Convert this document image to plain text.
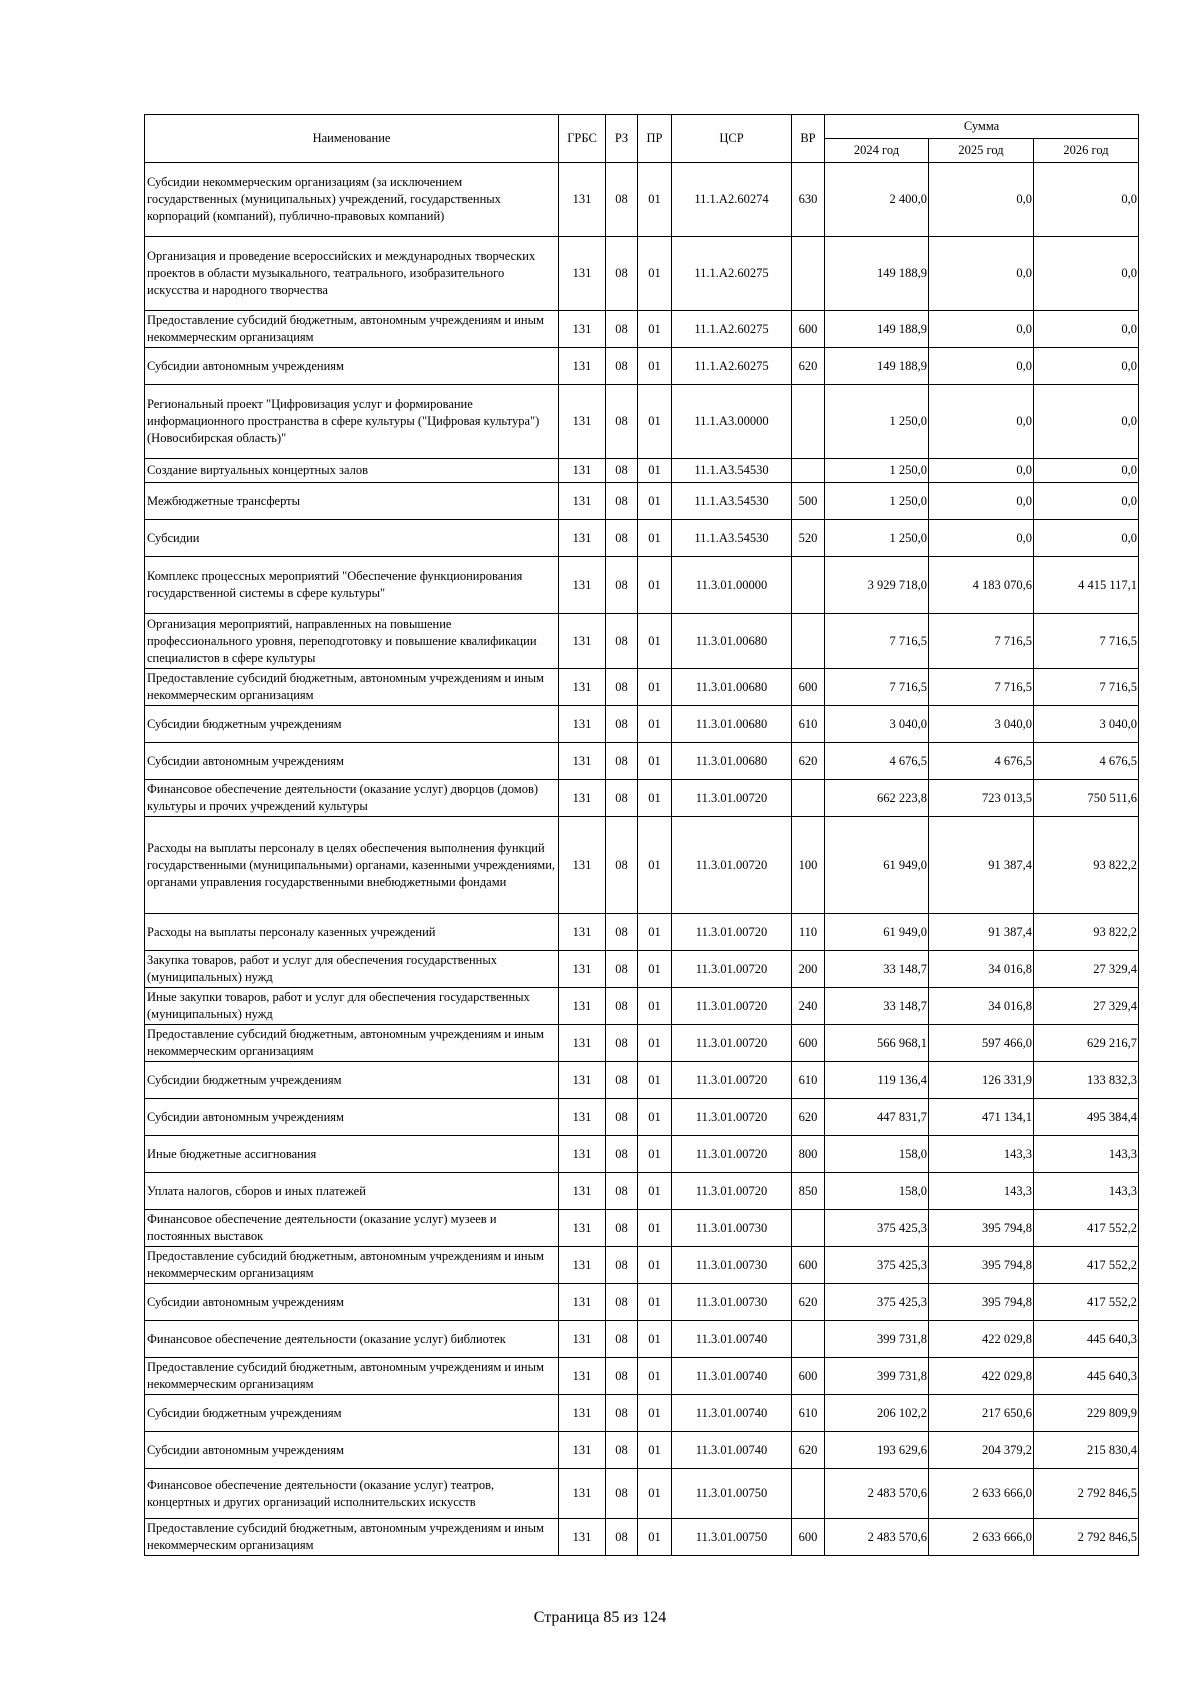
Наименование	ГРБС	РЗ	ПР	ЦСР	ВР	Сумма		
						2024 год	2025 год	2026 год
Субсидии некоммерческим организациям (за исключением государственных (муниципальных) учреждений, государственных корпораций (компаний), публично-правовых компаний)	131	08	01	11.1.A2.60274	630	2 400,0	0,0	0,0
Организация и проведение всероссийских и международных творческих проектов в области музыкального, театрального, изобразительного искусства и народного творчества	131	08	01	11.1.A2.60275		149 188,9	0,0	0,0
Предоставление субсидий бюджетным, автономным учреждениям и иным некоммерческим организациям	131	08	01	11.1.A2.60275	600	149 188,9	0,0	0,0
Субсидии автономным учреждениям	131	08	01	11.1.A2.60275	620	149 188,9	0,0	0,0
Региональный проект "Цифровизация услуг и формирование информационного пространства в сфере культуры ("Цифровая культура") (Новосибирская область)"	131	08	01	11.1.A3.00000		1 250,0	0,0	0,0
Создание виртуальных концертных залов	131	08	01	11.1.A3.54530		1 250,0	0,0	0,0
Межбюджетные трансферты	131	08	01	11.1.A3.54530	500	1 250,0	0,0	0,0
Субсидии	131	08	01	11.1.A3.54530	520	1 250,0	0,0	0,0
Комплекс процессных мероприятий "Обеспечение функционирования государственной системы в сфере культуры"	131	08	01	11.3.01.00000		3 929 718,0	4 183 070,6	4 415 117,1
Организация мероприятий, направленных на повышение профессионального уровня, переподготовку и повышение квалификации специалистов в сфере культуры	131	08	01	11.3.01.00680		7 716,5	7 716,5	7 716,5
Предоставление субсидий бюджетным, автономным учреждениям и иным некоммерческим организациям	131	08	01	11.3.01.00680	600	7 716,5	7 716,5	7 716,5
Субсидии бюджетным учреждениям	131	08	01	11.3.01.00680	610	3 040,0	3 040,0	3 040,0
Субсидии автономным учреждениям	131	08	01	11.3.01.00680	620	4 676,5	4 676,5	4 676,5
Финансовое обеспечение деятельности (оказание услуг) дворцов (домов) культуры и прочих учреждений культуры	131	08	01	11.3.01.00720		662 223,8	723 013,5	750 511,6
Расходы на выплаты персоналу в целях обеспечения выполнения функций государственными (муниципальными) органами, казенными учреждениями, органами управления государственными внебюджетными фондами	131	08	01	11.3.01.00720	100	61 949,0	91 387,4	93 822,2
Расходы на выплаты персоналу казенных учреждений	131	08	01	11.3.01.00720	110	61 949,0	91 387,4	93 822,2
Закупка товаров, работ и услуг для обеспечения государственных (муниципальных) нужд	131	08	01	11.3.01.00720	200	33 148,7	34 016,8	27 329,4
Иные закупки товаров, работ и услуг для обеспечения государственных (муниципальных) нужд	131	08	01	11.3.01.00720	240	33 148,7	34 016,8	27 329,4
Предоставление субсидий бюджетным, автономным учреждениям и иным некоммерческим организациям	131	08	01	11.3.01.00720	600	566 968,1	597 466,0	629 216,7
Субсидии бюджетным учреждениям	131	08	01	11.3.01.00720	610	119 136,4	126 331,9	133 832,3
Субсидии автономным учреждениям	131	08	01	11.3.01.00720	620	447 831,7	471 134,1	495 384,4
Иные бюджетные ассигнования	131	08	01	11.3.01.00720	800	158,0	143,3	143,3
Уплата налогов, сборов и иных платежей	131	08	01	11.3.01.00720	850	158,0	143,3	143,3
Финансовое обеспечение деятельности (оказание услуг) музеев и постоянных выставок	131	08	01	11.3.01.00730		375 425,3	395 794,8	417 552,2
Предоставление субсидий бюджетным, автономным учреждениям и иным некоммерческим организациям	131	08	01	11.3.01.00730	600	375 425,3	395 794,8	417 552,2
Субсидии автономным учреждениям	131	08	01	11.3.01.00730	620	375 425,3	395 794,8	417 552,2
Финансовое обеспечение деятельности (оказание услуг) библиотек	131	08	01	11.3.01.00740		399 731,8	422 029,8	445 640,3
Предоставление субсидий бюджетным, автономным учреждениям и иным некоммерческим организациям	131	08	01	11.3.01.00740	600	399 731,8	422 029,8	445 640,3
Субсидии бюджетным учреждениям	131	08	01	11.3.01.00740	610	206 102,2	217 650,6	229 809,9
Субсидии автономным учреждениям	131	08	01	11.3.01.00740	620	193 629,6	204 379,2	215 830,4
Финансовое обеспечение деятельности (оказание услуг) театров, концертных и других организаций исполнительских искусств	131	08	01	11.3.01.00750		2 483 570,6	2 633 666,0	2 792 846,5
Предоставление субсидий бюджетным, автономным учреждениям и иным некоммерческим организациям	131	08	01	11.3.01.00750	600	2 483 570,6	2 633 666,0	2 792 846,5
Страница 85 из 124
